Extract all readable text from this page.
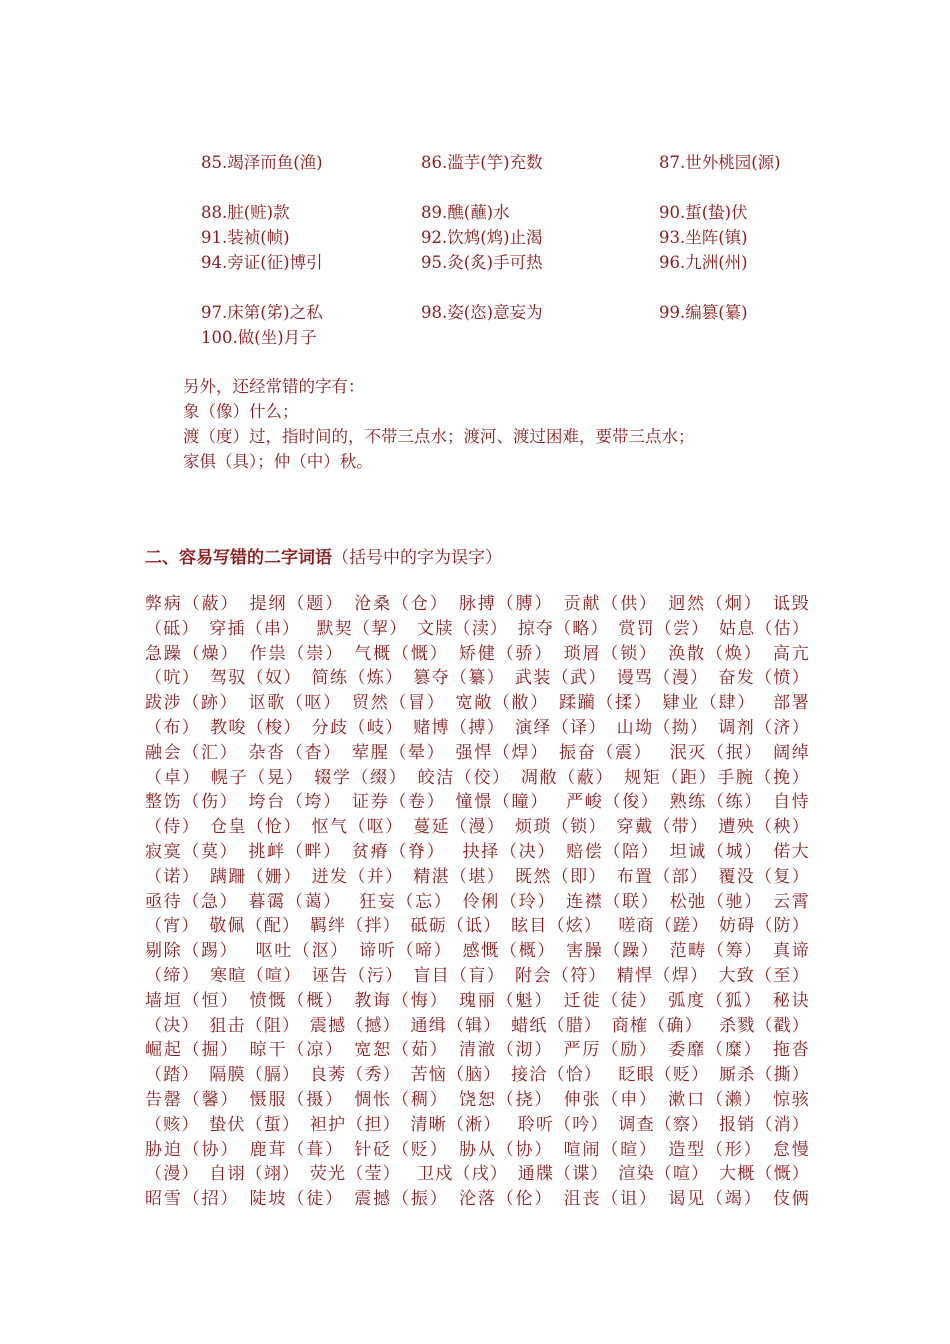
85.竭泽而鱼(渔)	86.滥芋(竽)充数	87.世外桃园(源)
88.脏(赃)款	89.醮(蘸)水	90.蜇(蛰)伏
91.装祯(帧)	92.饮鸩(鸩)止渴	93.坐阵(镇)
94.旁证(征)博引	95.灸(炙)手可热	96.九洲(州)
97.床第(笫)之私	98.姿(恣)意妄为	99.编篡(纂)
100.做(坐)月子
另外，还经常错的字有：
象（像）什么；
渡（度）过，指时间的，不带三点水；渡河、渡过困难，要带三点水；
家俱（具）；仲（中）秋。
二、容易写错的二字词语（括号中的字为误字）
弊病（蔽）　提纲（题）　沧桑（仓）　脉搏（膊）　贡献（供）　迥然（炯）　诋毁
（砥）　穿插（串）　 默契（挈）　文牍（渎）　掠夺（略）　赏罚（尝）　姑息（估）
急躁（燥）　作祟（崇）　气概（慨）　矫健（骄）　琐屑（锁）　涣散（焕）　高亢
（吭）　驾驭（奴）　简练（炼）　篡夺（纂）　武装（武）　谩骂（漫）　奋发（愤）
跋涉（跡）　讴歌（呕）　贸然（冒）　宽敞（敝）　蹂躏（揉）　肄业（肆）　 部署
（布）　教唆（梭）　分歧（岐）　赌博（搏）　演绎（译）　山坳（拗）　调剂（济）
融会（汇）　杂沓（杳）　荤腥（晕）　强悍（焊）　振奋（震）　 泯灭（抿）　阔绰
（卓）　幌子（晃）　辍学（缀）　皎洁（佼）　凋敝（蔽）　规矩（距）手腕（挽）
整饬（伤）　垮台（垮）　证券（卷）　憧憬（瞳）　 严峻（俊）　熟练（练）　自恃
（侍）　仓皇（怆）　怄气（呕）　蔓延（漫）　烦琐（锁）　穿戴（带）　遭殃（秧）
寂寞（莫）　挑衅（畔）　贫瘠（脊）　 抉择（决）　赔偿（陪）　坦诚（城）　偌大
（诺）　蹒跚（姗）　迸发（并）　精湛（堪）　既然（即）　布置（部）　覆没（复）
亟待（急）　暮霭（蔼）　 狂妄（忘）　伶俐（玲）　连襟（联）　松弛（驰）　云霄
（宵）　敬佩（配）　羁绊（拌）　砥砺（诋）　眩目（炫）　 嗟商（蹉）　妨碍（防）
剔除（踢）　 呕吐（沤）　谛听（啼）　感慨（概）　害臊（躁）　范畴（筹）　真谛
（缔）　寒暄（喧）　诬告（污）　盲目（肓）　附会（符）　精悍（焊）　大致（至）
墙垣（恒）　愤慨（概）　教诲（悔）　瑰丽（魁）　迁徙（徒）　弧度（狐）　秘诀
（决）　狙击（阻）　震撼（撼）　通缉（辑）　蜡纸（腊）　商榷（确）　 杀戮（戳）
崛起（掘）　晾干（凉）　宽恕（茹）　清澈（沏）　严厉（励）　委靡（糜）　拖沓
（踏）　隔膜（膈）　良莠（秀）　苦恼（脑）　接洽（恰）　 眨眼（贬）　厮杀（撕）
告罄（馨）　慑服（摄）　惆怅（稠）　饶恕（挠）　伸张（申）　漱口（濑）　惊骇
（赅）　蛰伏（蜇）　袒护（担）　清晰（淅）　 聆听（吟）　调查（察）　报销（消）
胁迫（协）　鹿茸（葺）　针砭（贬）　胁从（协）　喧闹（暄）　造型（形）　怠慢
（漫）　自诩（翊）　荧光（莹）　 卫戍（戌）　通牒（谍）　渲染（喧）　大概（慨）
昭雪（招）　陡坡（徒）　震撼（振）　沦落（伦）　沮丧（诅）　谒见（竭）　伎俩
